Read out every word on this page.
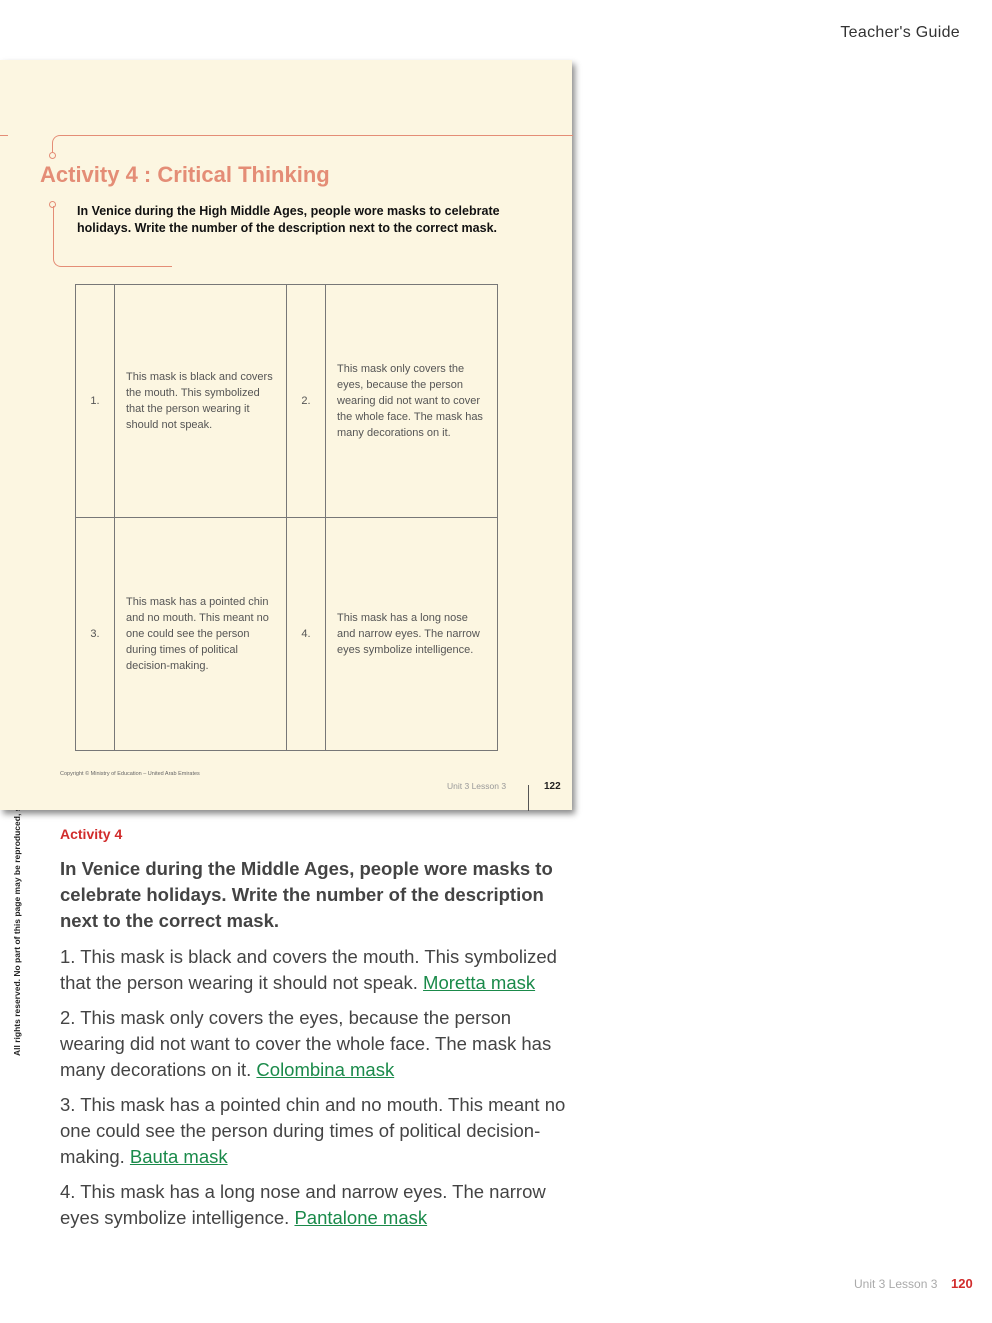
Teacher's Guide
Activity 4 : Critical Thinking
In Venice during the High Middle Ages, people wore masks to celebrate holidays. Write the number of the description next to the correct mask.
1.	This mask is black and covers the mouth. This symbolized that the person wearing it should not speak.	2.	This mask only covers the eyes, because the person wearing did not want to cover the whole face. The mask has many decorations on it.
3.	This mask has a pointed chin and no mouth. This meant no one could see the person during times of political decision-making.	4.	This mask has a long nose and narrow eyes. The narrow eyes symbolize intelligence.
Copyright © Ministry of Education – United Arab Emirates
Unit 3 Lesson 3	122
Activity 4
In Venice during the Middle Ages, people wore masks to celebrate holidays. Write the number of the description next to the correct mask.
1. This mask is black and covers the mouth. This symbolized that the person wearing it should not speak. Moretta mask
2. This mask only covers the eyes, because the person wearing did not want to cover the whole face. The mask has many decorations on it. Colombina mask
3. This mask has a pointed chin and no mouth. This meant no one could see the person during times of political decision-making. Bauta mask
4. This mask has a long nose and narrow eyes. The narrow eyes symbolize intelligence. Pantalone mask
Unit 3 Lesson 3 120
